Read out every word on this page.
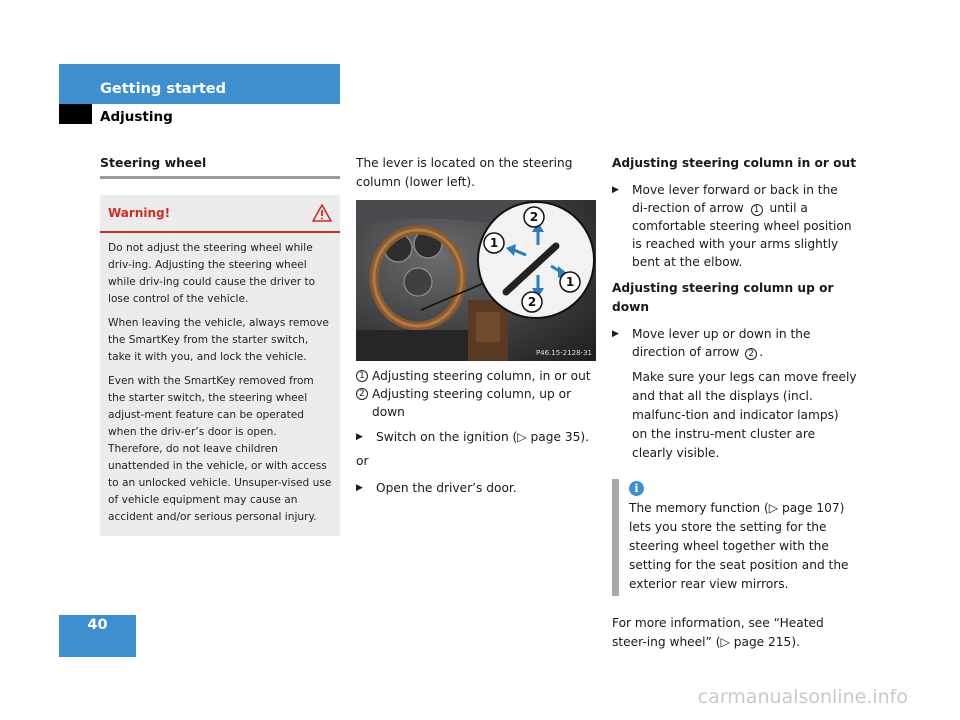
Getting started
Adjusting
Steering wheel
Warning!

Do not adjust the steering wheel while driv-ing. Adjusting the steering wheel while driv-ing could cause the driver to lose control of the vehicle.

When leaving the vehicle, always remove the SmartKey from the starter switch, take it with you, and lock the vehicle.

Even with the SmartKey removed from the starter switch, the steering wheel adjust-ment feature can be operated when the driv-er’s door is open. Therefore, do not leave children unattended in the vehicle, or with access to an unlocked vehicle. Unsuper-vised use of vehicle equipment may cause an accident and/or serious personal injury.

The lever is located on the steering column (lower left).

2
1
1
2
P46.15-2128-31
1 Adjusting steering column, in or out
2 Adjusting steering column, up or down
▶ Switch on the ignition (▷ page 35).

or

▶ Open the driver’s door.

Adjusting steering column in or out

▶ Move lever forward or back in the di-rection of arrow 1 until a comfortable steering wheel position is reached with your arms slightly bent at the elbow.

Adjusting steering column up or down

▶ Move lever up or down in the direction of arrow 2 .

Make sure your legs can move freely and that all the displays (incl. malfunc-tion and indicator lamps) on the instru-ment cluster are clearly visible.

i

The memory function (▷ page 107) lets you store the setting for the steering wheel together with the setting for the seat position and the exterior rear view mirrors.

For more information, see “Heated steer-ing wheel” (▷ page 215).

40
carmanualsonline.info
